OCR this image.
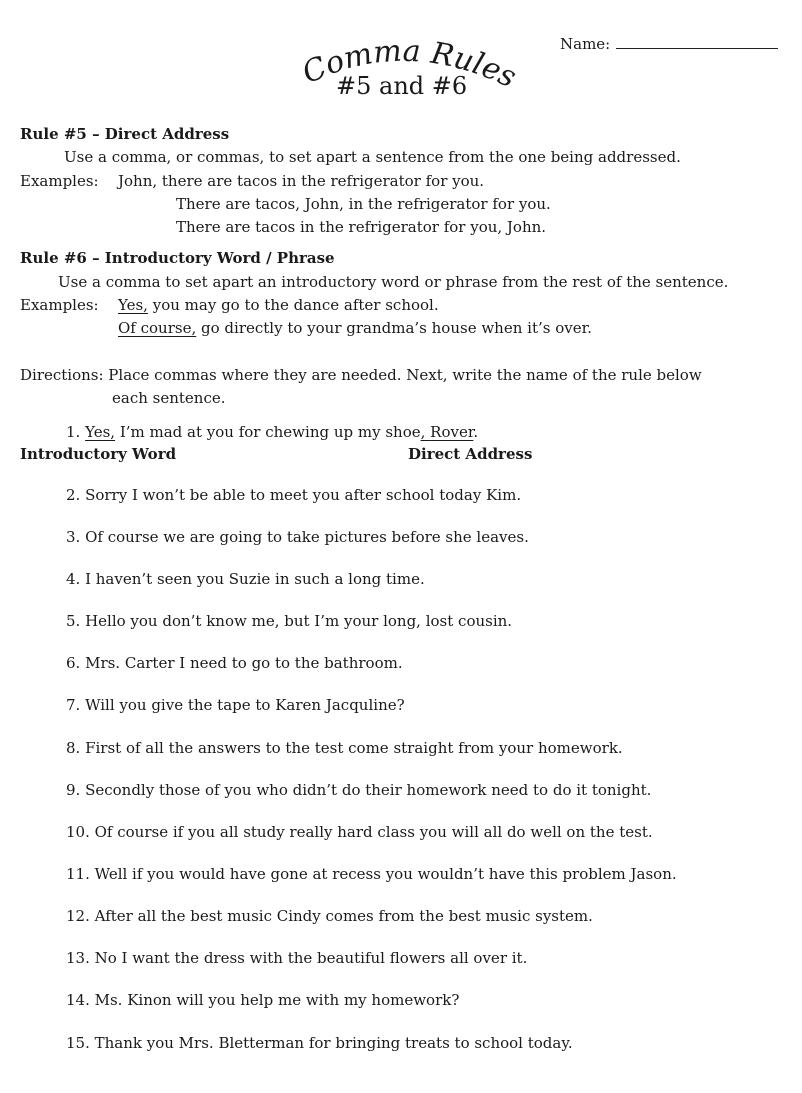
Name:
Comma Rules
#5 and #6
Rule #5 – Direct Address
Use a comma, or commas, to set apart a sentence from the one being addressed.
Examples: John, there are tacos in the refrigerator for you.
There are tacos, John, in the refrigerator for you.
There are tacos in the refrigerator for you, John.
Rule #6 – Introductory Word / Phrase
Use a comma to set apart an introductory word or phrase from the rest of the sentence.
Examples: Yes, you may go to the dance after school.
Of course, go directly to your grandma’s house when it’s over.
Directions: Place commas where they are needed. Next, write the name of the rule below
each sentence.
1. Yes, I’m mad at you for chewing up my shoe, Rover.
Introductory Word	Direct Address
2. Sorry I won’t be able to meet you after school today Kim.
3. Of course we are going to take pictures before she leaves.
4. I haven’t seen you Suzie in such a long time.
5. Hello you don’t know me, but I’m your long, lost cousin.
6. Mrs. Carter I need to go to the bathroom.
7. Will you give the tape to Karen Jacquline?
8. First of all the answers to the test come straight from your homework.
9. Secondly those of you who didn’t do their homework need to do it tonight.
10. Of course if you all study really hard class you will all do well on the test.
11. Well if you would have gone at recess you wouldn’t have this problem Jason.
12. After all the best music Cindy comes from the best music system.
13. No I want the dress with the beautiful flowers all over it.
14. Ms. Kinon will you help me with my homework?
15. Thank you Mrs. Bletterman for bringing treats to school today.
